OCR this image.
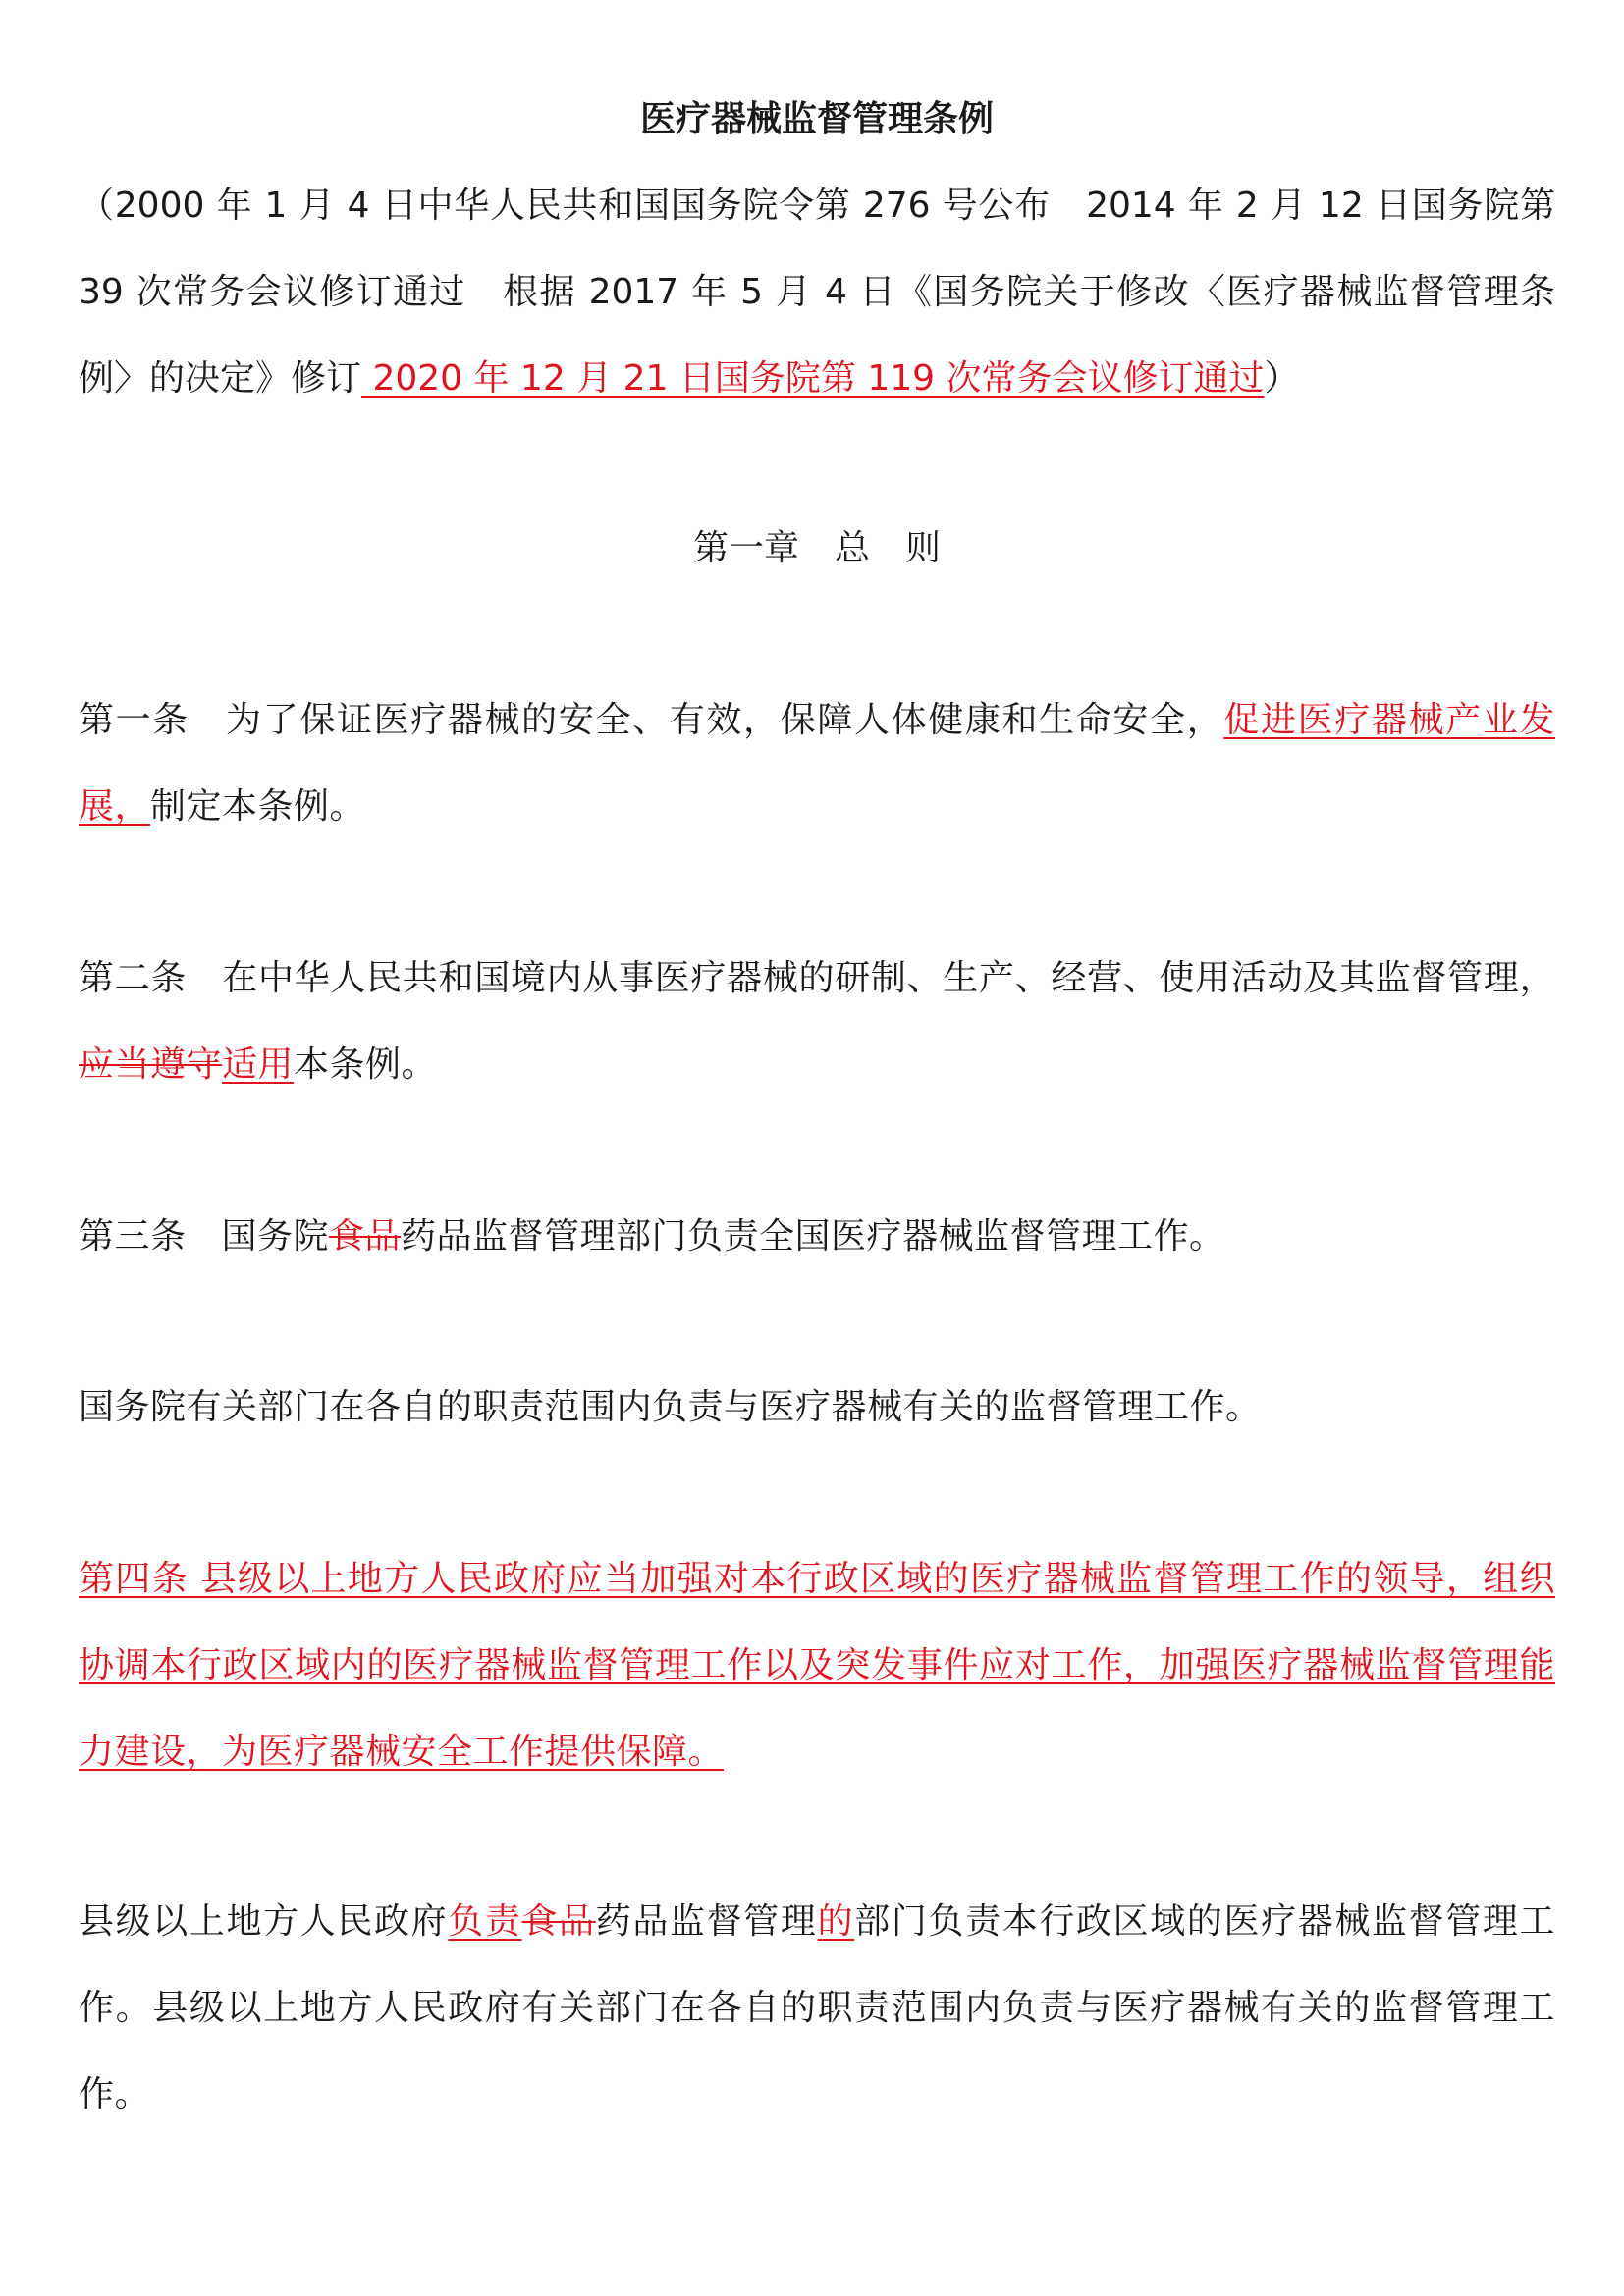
医疗器械监督管理条例
（2000 年 1 月 4 日中华人民共和国国务院令第 276 号公布 2014 年 2 月 12 日国务院第 39 次常务会议修订通过 根据 2017 年 5 月 4 日《国务院关于修改〈医疗器械监督管理条例〉的决定》修订 2020 年 12 月 21 日国务院第 119 次常务会议修订通过）
第一章 总 则
第一条 为了保证医疗器械的安全、有效，保障人体健康和生命安全，促进医疗器械产业发展，制定本条例。
第二条 在中华人民共和国境内从事医疗器械的研制、生产、经营、使用活动及其监督管理，应当遵守适用本条例。
第三条 国务院食品药品监督管理部门负责全国医疗器械监督管理工作。
国务院有关部门在各自的职责范围内负责与医疗器械有关的监督管理工作。
第四条 县级以上地方人民政府应当加强对本行政区域的医疗器械监督管理工作的领导，组织协调本行政区域内的医疗器械监督管理工作以及突发事件应对工作，加强医疗器械监督管理能力建设，为医疗器械安全工作提供保障。
县级以上地方人民政府负责食品药品监督管理的部门负责本行政区域的医疗器械监督管理工作。县级以上地方人民政府有关部门在各自的职责范围内负责与医疗器械有关的监督管理工作。
